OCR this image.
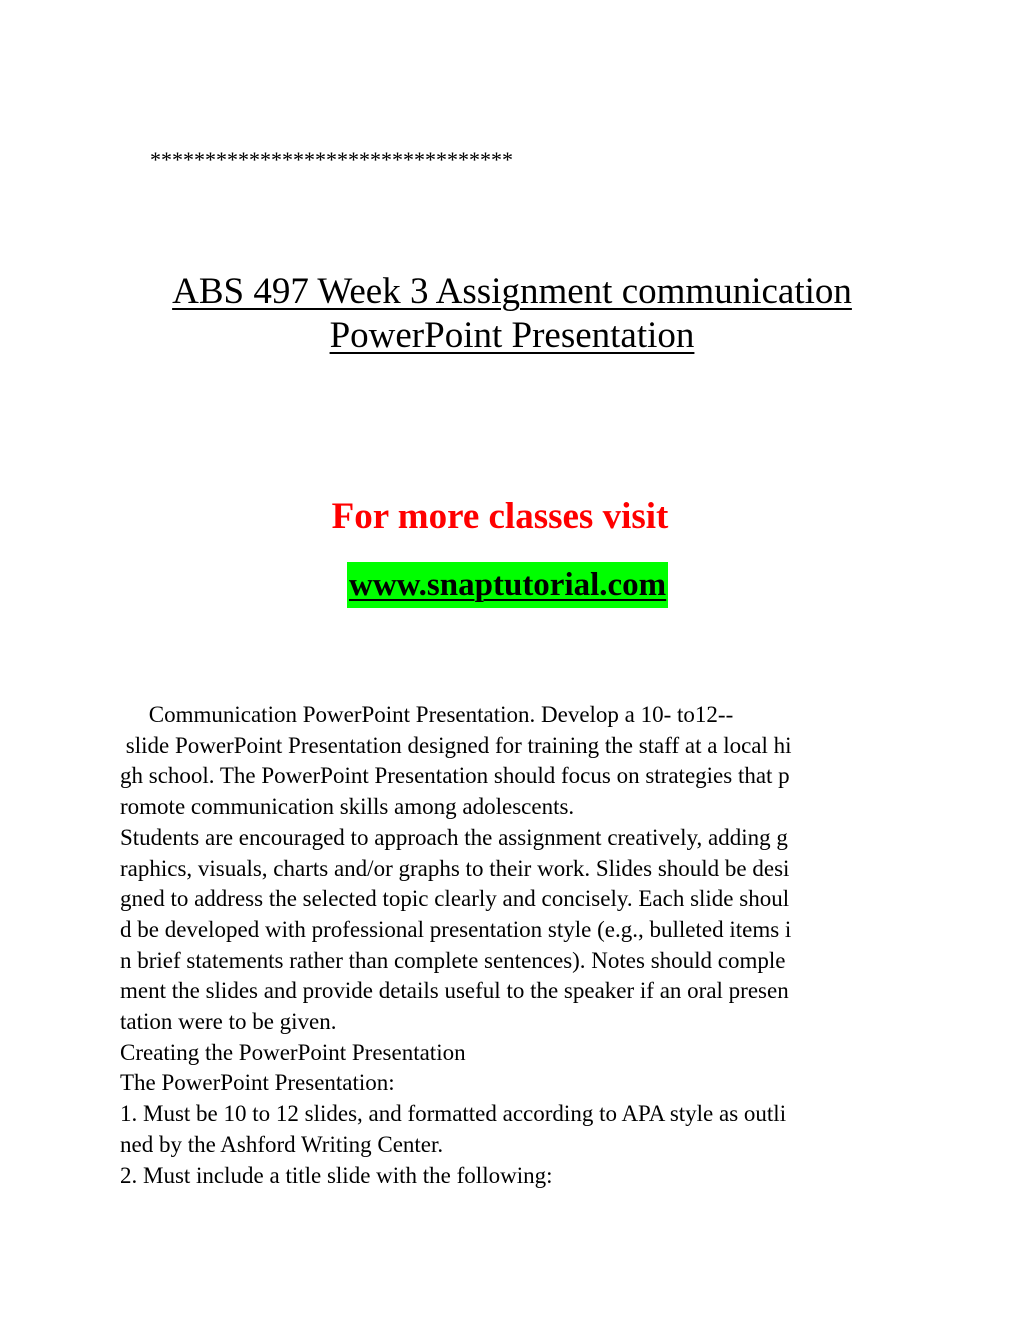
*********************************
ABS 497 Week 3 Assignment communication
PowerPoint Presentation
For more classes visit
www.snaptutorial.com
Communication PowerPoint Presentation. Develop a 10- to12--
slide PowerPoint Presentation designed for training the staff at a local hi
gh school. The PowerPoint Presentation should focus on strategies that p
romote communication skills among adolescents.
Students are encouraged to approach the assignment creatively, adding g
raphics, visuals, charts and/or graphs to their work. Slides should be desi
gned to address the selected topic clearly and concisely. Each slide shoul
d be developed with professional presentation style (e.g., bulleted items i
n brief statements rather than complete sentences). Notes should comple
ment the slides and provide details useful to the speaker if an oral presen
tation were to be given.
Creating the PowerPoint Presentation
The PowerPoint Presentation:
1. Must be 10 to 12 slides, and formatted according to APA style as outli
ned by the Ashford Writing Center.
2. Must include a title slide with the following:
